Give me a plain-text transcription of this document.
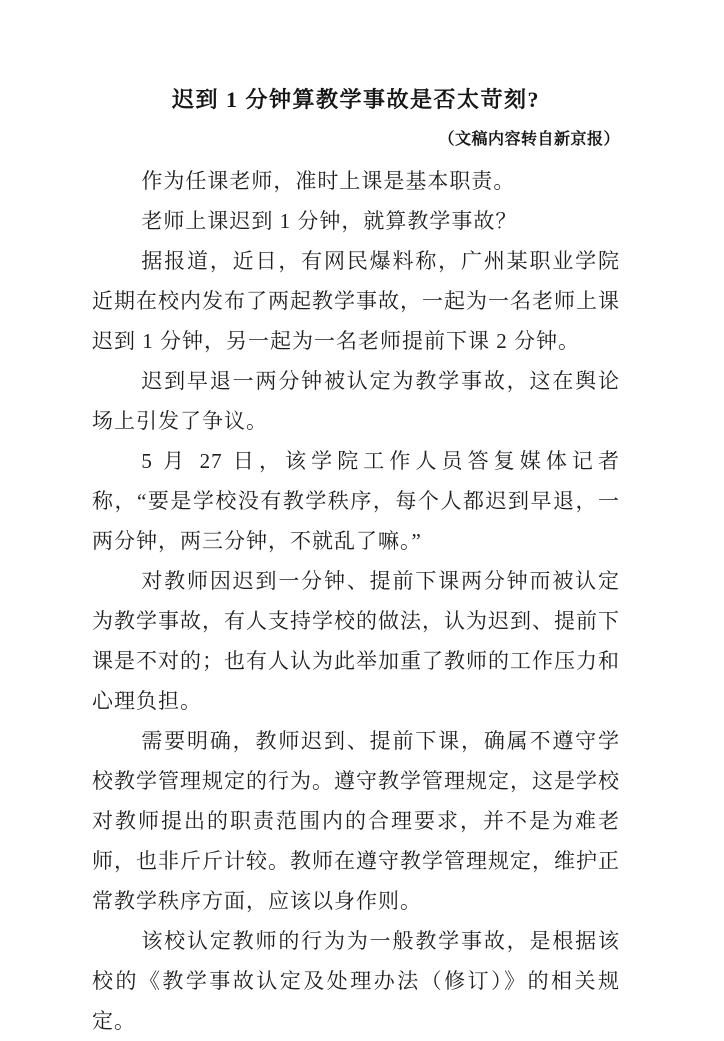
迟到 1 分钟算教学事故是否太苛刻?
（文稿内容转自新京报）

作为任课老师，准时上课是基本职责。

老师上课迟到 1 分钟，就算教学事故？

据报道，近日，有网民爆料称，广州某职业学院近期在校内发布了两起教学事故，一起为一名老师上课迟到 1 分钟，另一起为一名老师提前下课 2 分钟。

迟到早退一两分钟被认定为教学事故，这在舆论场上引发了争议。

5 月 27 日，该学院工作人员答复媒体记者称，“要是学校没有教学秩序，每个人都迟到早退，一两分钟，两三分钟，不就乱了嘛。”

对教师因迟到一分钟、提前下课两分钟而被认定为教学事故，有人支持学校的做法，认为迟到、提前下课是不对的；也有人认为此举加重了教师的工作压力和心理负担。

需要明确，教师迟到、提前下课，确属不遵守学校教学管理规定的行为。遵守教学管理规定，这是学校对教师提出的职责范围内的合理要求，并不是为难老师，也非斤斤计较。教师在遵守教学管理规定，维护正常教学秩序方面，应该以身作则。

该校认定教师的行为为一般教学事故，是根据该校的《教学事故认定及处理办法（修订）》的相关规定。
